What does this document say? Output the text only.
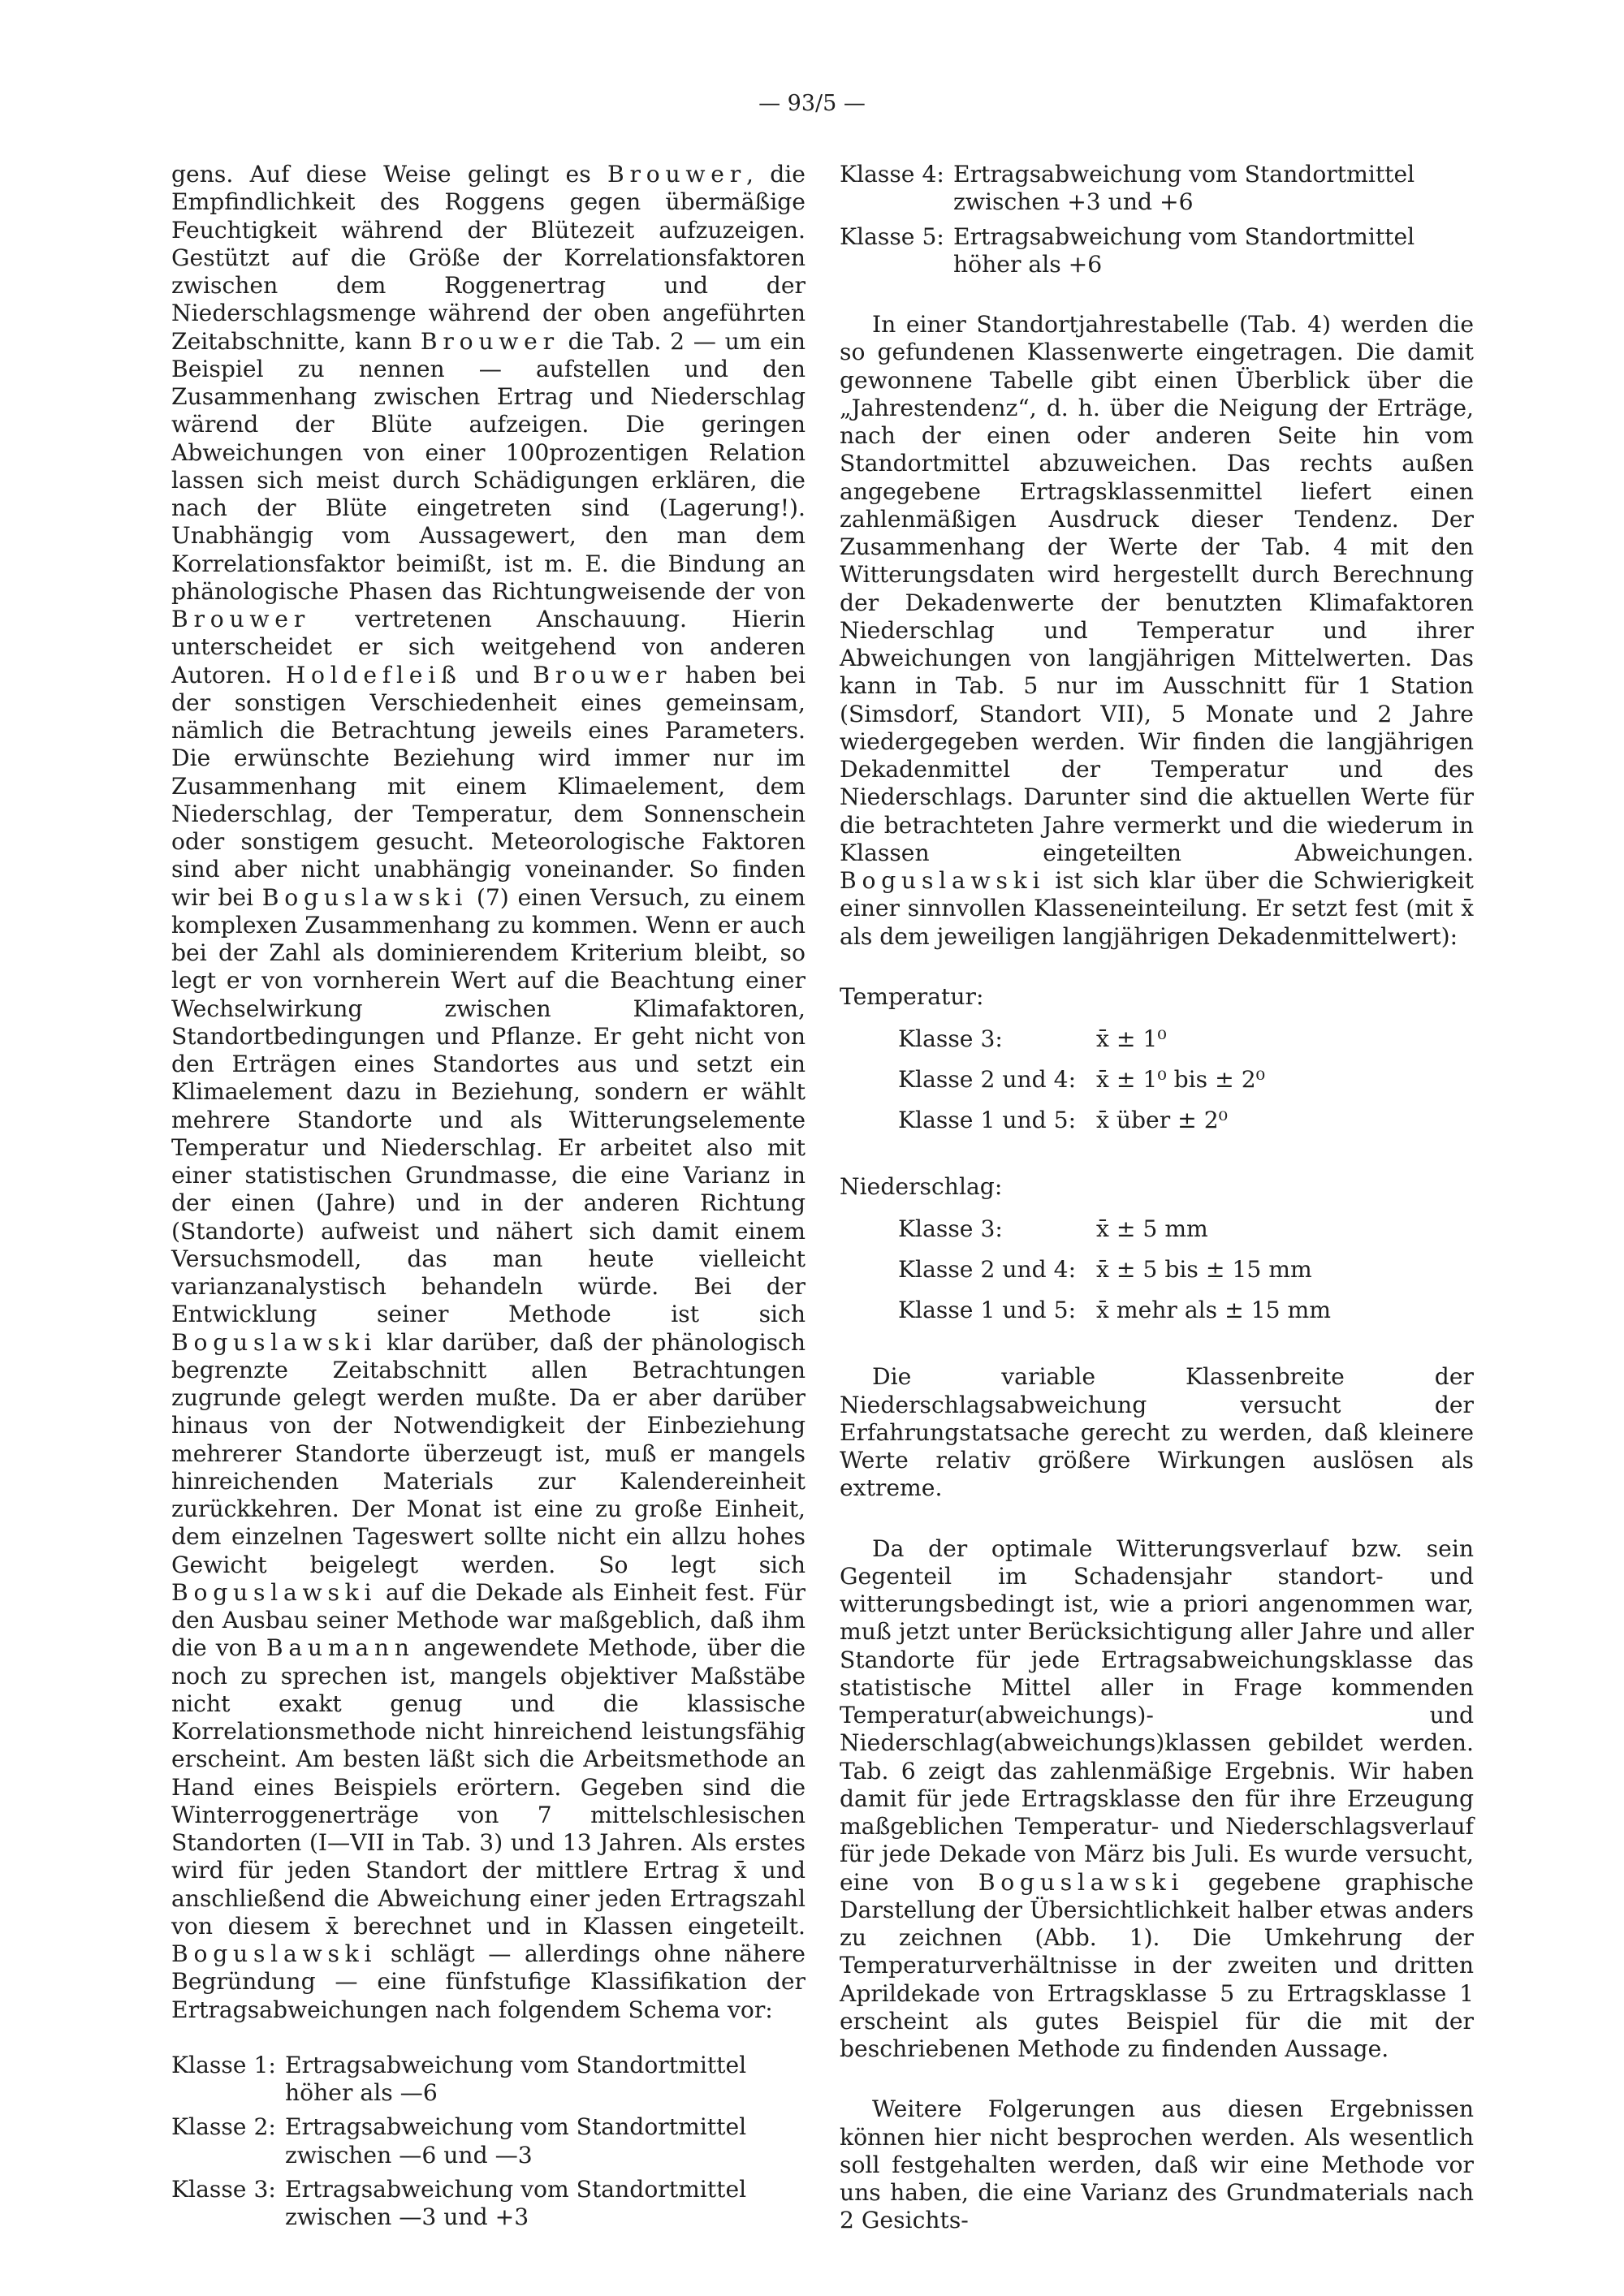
— 93/5 —

gens. Auf diese Weise gelingt es Brouwer, die Empfindlichkeit des Roggens gegen übermäßige Feuchtigkeit während der Blütezeit aufzuzeigen. Gestützt auf die Größe der Korrelationsfaktoren zwischen dem Roggenertrag und der Niederschlagsmenge während der oben angeführten Zeitabschnitte, kann Brouwer die Tab. 2 — um ein Beispiel zu nennen — aufstellen und den Zusammenhang zwischen Ertrag und Niederschlag wärend der Blüte aufzeigen. Die geringen Abweichungen von einer 100prozentigen Relation lassen sich meist durch Schädigungen erklären, die nach der Blüte eingetreten sind (Lagerung!). Unabhängig vom Aussagewert, den man dem Korrelationsfaktor beimißt, ist m. E. die Bindung an phänologische Phasen das Richtungweisende der von Brouwer vertretenen Anschauung. Hierin unterscheidet er sich weitgehend von anderen Autoren. Holdefleiß und Brouwer haben bei der sonstigen Verschiedenheit eines gemeinsam, nämlich die Betrachtung jeweils eines Parameters. Die erwünschte Beziehung wird immer nur im Zusammenhang mit einem Klimaelement, dem Niederschlag, der Temperatur, dem Sonnenschein oder sonstigem gesucht. Meteorologische Faktoren sind aber nicht unabhängig voneinander. So finden wir bei Boguslawski (7) einen Versuch, zu einem komplexen Zusammenhang zu kommen. Wenn er auch bei der Zahl als dominierendem Kriterium bleibt, so legt er von vornherein Wert auf die Beachtung einer Wechselwirkung zwischen Klimafaktoren, Standortbedingungen und Pflanze. Er geht nicht von den Erträgen eines Standortes aus und setzt ein Klimaelement dazu in Beziehung, sondern er wählt mehrere Standorte und als Witterungselemente Temperatur und Niederschlag. Er arbeitet also mit einer statistischen Grundmasse, die eine Varianz in der einen (Jahre) und in der anderen Richtung (Standorte) aufweist und nähert sich damit einem Versuchsmodell, das man heute vielleicht varianzanalystisch behandeln würde. Bei der Entwicklung seiner Methode ist sich Boguslawski klar darüber, daß der phänologisch begrenzte Zeitabschnitt allen Betrachtungen zugrunde gelegt werden mußte. Da er aber darüber hinaus von der Notwendigkeit der Einbeziehung mehrerer Standorte überzeugt ist, muß er mangels hinreichenden Materials zur Kalendereinheit zurückkehren. Der Monat ist eine zu große Einheit, dem einzelnen Tageswert sollte nicht ein allzu hohes Gewicht beigelegt werden. So legt sich Boguslawski auf die Dekade als Einheit fest. Für den Ausbau seiner Methode war maßgeblich, daß ihm die von Baumann angewendete Methode, über die noch zu sprechen ist, mangels objektiver Maßstäbe nicht exakt genug und die klassische Korrelationsmethode nicht hinreichend leistungsfähig erscheint. Am besten läßt sich die Arbeitsmethode an Hand eines Beispiels erörtern. Gegeben sind die Winterroggenerträge von 7 mittelschlesischen Standorten (I—VII in Tab. 3) und 13 Jahren. Als erstes wird für jeden Standort der mittlere Ertrag x̄ und anschließend die Abweichung einer jeden Ertragszahl von diesem x̄ berechnet und in Klassen eingeteilt. Boguslawski schlägt — allerdings ohne nähere Begründung — eine fünfstufige Klassifikation der Ertragsabweichungen nach folgendem Schema vor:

Klasse 1: Ertragsabweichung vom Standortmittel höher als —6
Klasse 2: Ertragsabweichung vom Standortmittel zwischen —6 und —3
Klasse 3: Ertragsabweichung vom Standortmittel zwischen —3 und +3
Klasse 4: Ertragsabweichung vom Standortmittel zwischen +3 und +6
Klasse 5: Ertragsabweichung vom Standortmittel höher als +6

In einer Standortjahrestabelle (Tab. 4) werden die so gefundenen Klassenwerte eingetragen. Die damit gewonnene Tabelle gibt einen Überblick über die „Jahrestendenz“, d. h. über die Neigung der Erträge, nach der einen oder anderen Seite hin vom Standortmittel abzuweichen. Das rechts außen angegebene Ertragsklassenmittel liefert einen zahlenmäßigen Ausdruck dieser Tendenz. Der Zusammenhang der Werte der Tab. 4 mit den Witterungsdaten wird hergestellt durch Berechnung der Dekadenwerte der benutzten Klimafaktoren Niederschlag und Temperatur und ihrer Abweichungen von langjährigen Mittelwerten. Das kann in Tab. 5 nur im Ausschnitt für 1 Station (Simsdorf, Standort VII), 5 Monate und 2 Jahre wiedergegeben werden. Wir finden die langjährigen Dekadenmittel der Temperatur und des Niederschlags. Darunter sind die aktuellen Werte für die betrachteten Jahre vermerkt und die wiederum in Klassen eingeteilten Abweichungen. Boguslawski ist sich klar über die Schwierigkeit einer sinnvollen Klasseneinteilung. Er setzt fest (mit x̄ als dem jeweiligen langjährigen Dekadenmittelwert):

Temperatur:
Klasse 3:	x̄ ± 1⁰
Klasse 2 und 4: x̄ ± 1⁰ bis ± 2⁰
Klasse 1 und 5: x̄ über ± 2⁰
Niederschlag:
Klasse 3:	x̄ ± 5 mm
Klasse 2 und 4: x̄ ± 5 bis ± 15 mm
Klasse 1 und 5: x̄ mehr als ± 15 mm

Die variable Klassenbreite der Niederschlagsabweichung versucht der Erfahrungstatsache gerecht zu werden, daß kleinere Werte relativ größere Wirkungen auslösen als extreme.

Da der optimale Witterungsverlauf bzw. sein Gegenteil im Schadensjahr standort- und witterungsbedingt ist, wie a priori angenommen war, muß jetzt unter Berücksichtigung aller Jahre und aller Standorte für jede Ertragsabweichungsklasse das statistische Mittel aller in Frage kommenden Temperatur(abweichungs)- und Niederschlag(abweichungs)klassen gebildet werden. Tab. 6 zeigt das zahlenmäßige Ergebnis. Wir haben damit für jede Ertragsklasse den für ihre Erzeugung maßgeblichen Temperatur- und Niederschlagsverlauf für jede Dekade von März bis Juli. Es wurde versucht, eine von Boguslawski gegebene graphische Darstellung der Übersichtlichkeit halber etwas anders zu zeichnen (Abb. 1). Die Umkehrung der Temperaturverhältnisse in der zweiten und dritten Aprildekade von Ertragsklasse 5 zu Ertragsklasse 1 erscheint als gutes Beispiel für die mit der beschriebenen Methode zu findenden Aussage.

Weitere Folgerungen aus diesen Ergebnissen können hier nicht besprochen werden. Als wesentlich soll festgehalten werden, daß wir eine Methode vor uns haben, die eine Varianz des Grundmaterials nach 2 Gesichts-
